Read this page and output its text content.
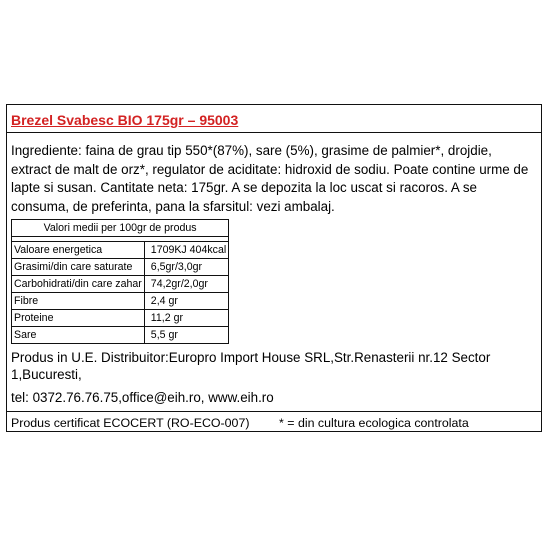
Brezel Svabesc BIO 175gr – 95003
Ingrediente: faina de grau tip 550*(87%), sare (5%), grasime de palmier*, drojdie,
extract de malt de orz*, regulator de aciditate: hidroxid de sodiu. Poate contine urme de
lapte si susan. Cantitate neta: 175gr. A se depozita la loc uscat si racoros. A se
consuma, de preferinta, pana la sfarsitul: vezi ambalaj.
Valori medii per 100gr de produs	

Valoare energetica	1709KJ 404kcal
Grasimi/din care saturate	6,5gr/3,0gr
Carbohidrati/din care zahar	74,2gr/2,0gr
Fibre	2,4 gr
Proteine	11,2 gr
Sare	5,5 gr
Produs in U.E. Distribuitor:Europro Import House SRL,Str.Renasterii nr.12 Sector
1,Bucuresti,
tel: 0372.76.76.75,office@eih.ro, www.eih.ro
Produs certificat ECOCERT (RO-ECO-007) * = din cultura ecologica controlata
